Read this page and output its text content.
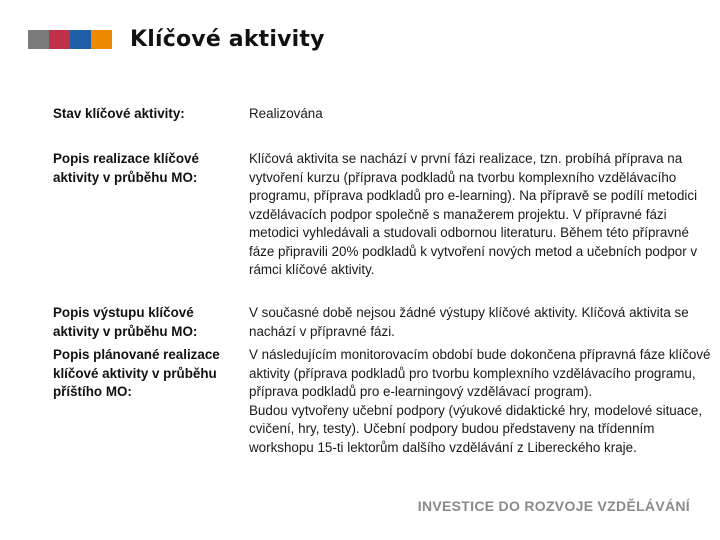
Klíčové aktivity
Stav klíčové aktivity:	Realizována
Popis realizace klíčové aktivity v průběhu MO:
Klíčová aktivita se nachází v první fázi realizace, tzn. probíhá příprava na
vytvoření kurzu (příprava podkladů na tvorbu komplexního vzdělávacího
programu, příprava podkladů pro e-learning). Na přípravě se podílí metodici
vzdělávacích podpor společně s manažerem projektu. V přípravné fázi
metodici vyhledávali a studovali odbornou literaturu. Během této přípravné
fáze připravili 20% podkladů k vytvoření nových metod a učebních podpor v
rámci klíčové aktivity.
Popis výstupu klíčové aktivity v průběhu MO:
V současné době nejsou žádné výstupy klíčové aktivity. Klíčová aktivita se
nachází v přípravné fázi.
Popis plánované realizace klíčové aktivity v průběhu příštího MO:
V následujícím monitorovacím období bude dokončena přípravná fáze klíčové
aktivity (příprava podkladů pro tvorbu komplexního vzdělávacího programu,
příprava podkladů pro e-learningový vzdělávací program).
Budou vytvořeny učební podpory (výukové didaktické hry, modelové situace,
cvičení, hry, testy). Učební podpory budou představeny na třídenním
workshopu 15-ti lektorům dalšího vzdělávání z Libereckého kraje.
INVESTICE DO ROZVOJE VZDĚLÁVÁNÍ
